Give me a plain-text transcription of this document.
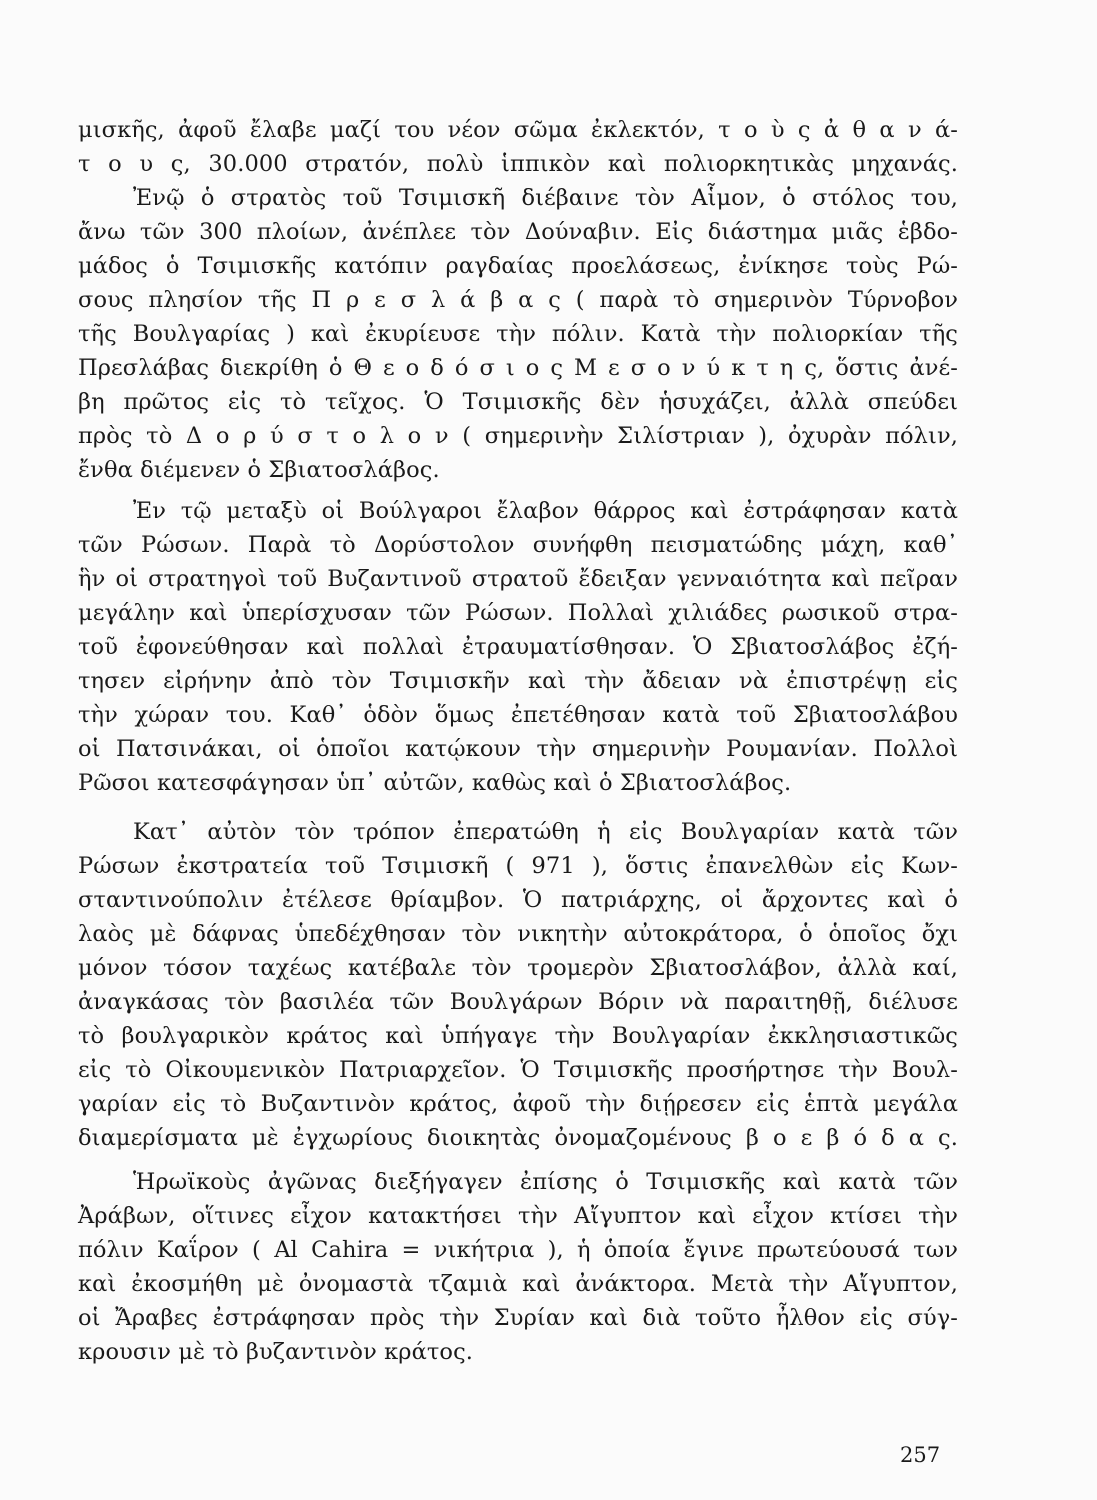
μισκῆς, ἀφοῦ ἔλαβε μαζί του νέον σῶμα ἐκλεκτόν, τ ο ὺ ς ἀ θ α ν ά-
τ ο υ ς, 30.000 στρατόν, πολὺ ἱππικὸν καὶ πολιορκητικὰς μηχανάς.
Ἐνῷ ὁ στρατὸς τοῦ Τσιμισκῆ διέβαινε τὸν Αἷμον, ὁ στόλος του,
ἄνω τῶν 300 πλοίων, ἀνέπλεε τὸν Δούναβιν. Εἰς διάστημα μιᾶς ἑβδο-
μάδος ὁ Τσιμισκῆς κατόπιν ραγδαίας προελάσεως, ἐνίκησε τοὺς Ρώ-
σους πλησίον τῆς Π ρ ε σ λ ά β α ς ( παρὰ τὸ σημερινὸν Τύρνοβον
τῆς Βουλγαρίας ) καὶ ἐκυρίευσε τὴν πόλιν. Κατὰ τὴν πολιορκίαν τῆς
Πρεσλάβας διεκρίθη ὁ Θ ε ο δ ό σ ι ο ς Μ ε σ ο ν ύ κ τ η ς, ὅστις ἀνέ-
βη πρῶτος εἰς τὸ τεῖχος. Ὁ Τσιμισκῆς δὲν ἡσυχάζει, ἀλλὰ σπεύδει
πρὸς τὸ Δ ο ρ ύ σ τ ο λ ο ν ( σημερινὴν Σιλίστριαν ), ὀχυρὰν πόλιν,
ἔνθα διέμενεν ὁ Σβιατοσλάβος.
Ἐν τῷ μεταξὺ οἱ Βούλγαροι ἔλαβον θάρρος καὶ ἐστράφησαν κατὰ
τῶν Ρώσων. Παρὰ τὸ Δορύστολον συνήφθη πεισματώδης μάχη, καθ᾿
ἣν οἱ στρατηγοὶ τοῦ Βυζαντινοῦ στρατοῦ ἔδειξαν γενναιότητα καὶ πεῖραν
μεγάλην καὶ ὑπερίσχυσαν τῶν Ρώσων. Πολλαὶ χιλιάδες ρωσικοῦ στρα-
τοῦ ἐφονεύθησαν καὶ πολλαὶ ἐτραυματίσθησαν. Ὁ Σβιατοσλάβος ἐζή-
τησεν εἰρήνην ἀπὸ τὸν Τσιμισκῆν καὶ τὴν ἄδειαν νὰ ἐπιστρέψῃ εἰς
τὴν χώραν του. Καθ᾿ ὁδὸν ὅμως ἐπετέθησαν κατὰ τοῦ Σβιατοσλάβου
οἱ Πατσινάκαι, οἱ ὁποῖοι κατῴκουν τὴν σημερινὴν Ρουμανίαν. Πολλοὶ
Ρῶσοι κατεσφάγησαν ὑπ᾿ αὐτῶν, καθὼς καὶ ὁ Σβιατοσλάβος.
Κατ᾿ αὐτὸν τὸν τρόπον ἐπερατώθη ἡ εἰς Βουλγαρίαν κατὰ τῶν
Ρώσων ἐκστρατεία τοῦ Τσιμισκῆ ( 971 ), ὅστις ἐπανελθὼν εἰς Κων-
σταντινούπολιν ἐτέλεσε θρίαμβον. Ὁ πατριάρχης, οἱ ἄρχοντες καὶ ὁ
λαὸς μὲ δάφνας ὑπεδέχθησαν τὸν νικητὴν αὐτοκράτορα, ὁ ὁποῖος ὄχι
μόνον τόσον ταχέως κατέβαλε τὸν τρομερὸν Σβιατοσλάβον, ἀλλὰ καί,
ἀναγκάσας τὸν βασιλέα τῶν Βουλγάρων Βόριν νὰ παραιτηθῇ, διέλυσε
τὸ βουλγαρικὸν κράτος καὶ ὑπήγαγε τὴν Βουλγαρίαν ἐκκλησιαστικῶς
εἰς τὸ Οἰκουμενικὸν Πατριαρχεῖον. Ὁ Τσιμισκῆς προσήρτησε τὴν Βουλ-
γαρίαν εἰς τὸ Βυζαντινὸν κράτος, ἀφοῦ τὴν διῄρεσεν εἰς ἑπτὰ μεγάλα
διαμερίσματα μὲ ἐγχωρίους διοικητὰς ὀνομαζομένους β ο ε β ό δ α ς.
Ἡρωϊκοὺς ἀγῶνας διεξήγαγεν ἐπίσης ὁ Τσιμισκῆς καὶ κατὰ τῶν
Ἀράβων, οἵτινες εἶχον κατακτήσει τὴν Αἴγυπτον καὶ εἶχον κτίσει τὴν
πόλιν Καΐρον ( Al Cahira = νικήτρια ), ἡ ὁποία ἔγινε πρωτεύουσά των
καὶ ἐκοσμήθη μὲ ὀνομαστὰ τζαμιὰ καὶ ἀνάκτορα. Μετὰ τὴν Αἴγυπτον,
οἱ Ἄραβες ἐστράφησαν πρὸς τὴν Συρίαν καὶ διὰ τοῦτο ἦλθον εἰς σύγ-
κρουσιν μὲ τὸ βυζαντινὸν κράτος.
257
